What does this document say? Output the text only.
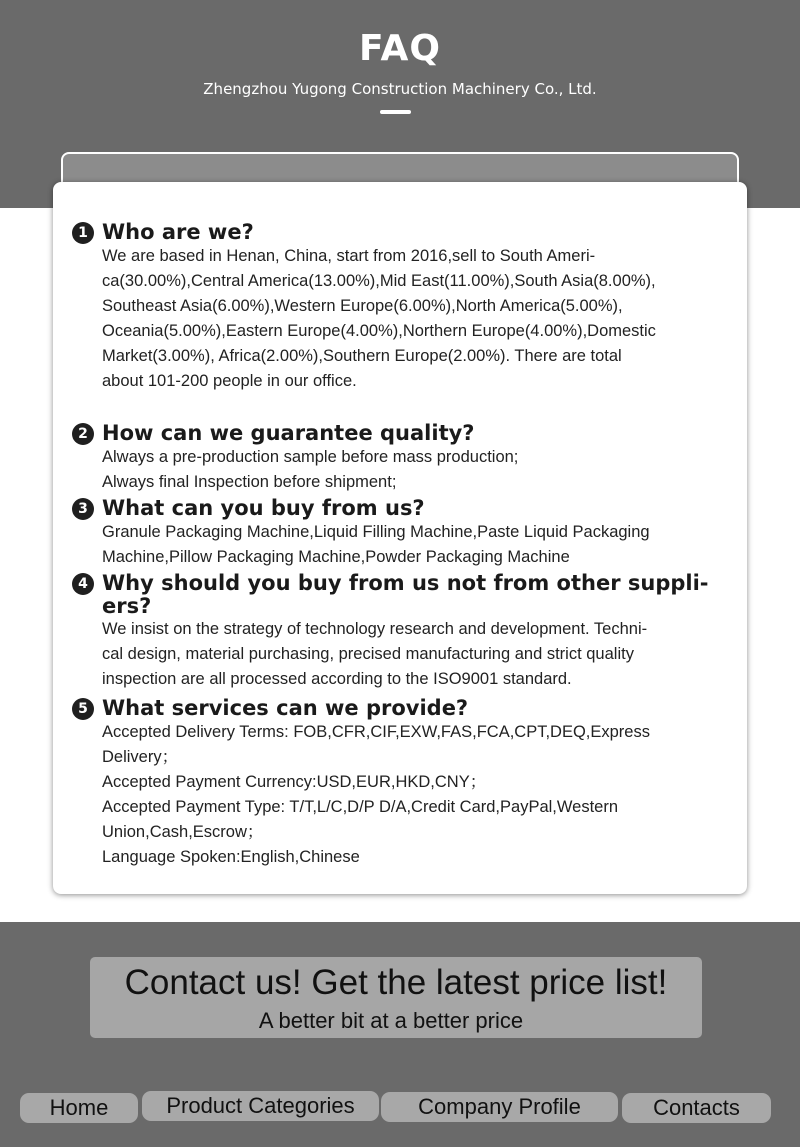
FAQ
Zhengzhou Yugong Construction Machinery Co., Ltd.
1 Who are we?

We are based in Henan, China, start from 2016,sell to South Ameri-

ca(30.00%),Central America(13.00%),Mid East(11.00%),South Asia(8.00%),

Southeast Asia(6.00%),Western Europe(6.00%),North America(5.00%),

Oceania(5.00%),Eastern Europe(4.00%),Northern Europe(4.00%),Domestic

Market(3.00%), Africa(2.00%),Southern Europe(2.00%). There are total

about 101-200 people in our office.

2 How can we guarantee quality?

Always a pre-production sample before mass production;

Always final Inspection before shipment;

3 What can you buy from us?

Granule Packaging Machine,Liquid Filling Machine,Paste Liquid Packaging

Machine,Pillow Packaging Machine,Powder Packaging Machine

4 Why should you buy from us not from other suppli-

ers?

We insist on the strategy of technology research and development. Techni-

cal design, material purchasing, precised manufacturing and strict quality

inspection are all processed according to the ISO9001 standard.

5 What services can we provide?

Accepted Delivery Terms: FOB,CFR,CIF,EXW,FAS,FCA,CPT,DEQ,Express

Delivery；

Accepted Payment Currency:USD,EUR,HKD,CNY；

Accepted Payment Type: T/T,L/C,D/P D/A,Credit Card,PayPal,Western

Union,Cash,Escrow；

Language Spoken:English,Chinese

Contact us! Get the latest price list!
A better bit at a better price
Home	Product Categories	Company Profile	Contacts
